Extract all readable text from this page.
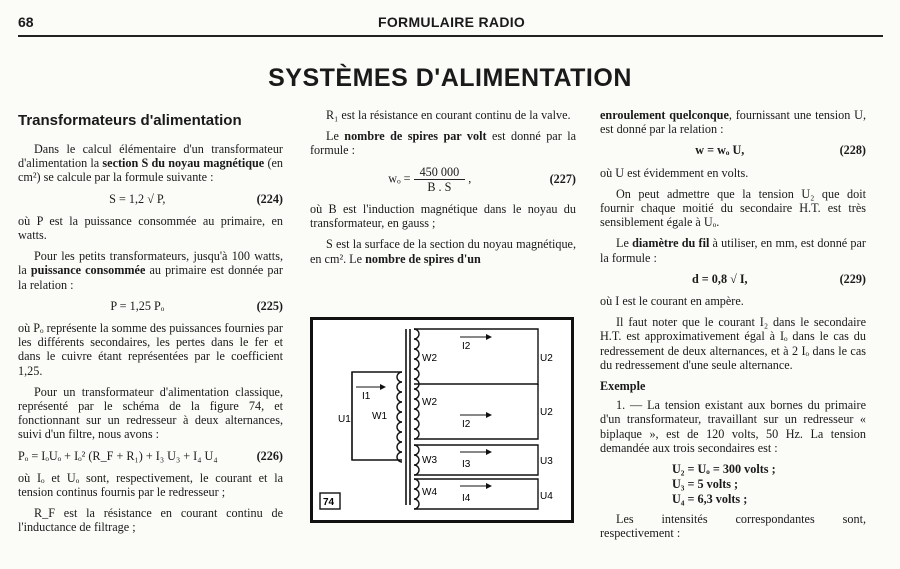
68	FORMULAIRE RADIO
SYSTÈMES D'ALIMENTATION
Transformateurs d'alimentation

Dans le calcul élémentaire d'un transformateur d'alimentation la section S du noyau magnétique (en cm²) se calcule par la formule suivante :

S = 1,2 √ P,	(224)

où P est la puissance consommée au primaire, en watts.

Pour les petits transformateurs, jusqu'à 100 watts, la puissance consommée au primaire est donnée par la relation :

P = 1,25 Pₒ	(225)

où Pₒ représente la somme des puissances fournies par les différents secondaires, les pertes dans le fer et dans le cuivre étant représentées par le coefficient 1,25.

Pour un transformateur d'alimentation classique, représenté par le schéma de la figure 74, et fonctionnant sur un redresseur à deux alternances, suivi d'un filtre, nous avons :

Pₒ = IₒUₒ + Iₒ² (R_F + R₁) + I₃ U₃ + I₄ U₄	(226)

où Iₒ et Uₒ sont, respectivement, le courant et la tension continus fournis par le redresseur ;

R_F est la résistance en courant continu de l'inductance de filtrage ;

R₁ est la résistance en courant continu de la valve.

Le nombre de spires par volt est donné par la formule :

$w_o = \frac{450 000}{B . S}$ ,	(227)

où B est l'induction magnétique dans le noyau du transformateur, en gauss ;

S est la surface de la section du noyau magnétique, en cm². Le nombre de spires d'un

I1
U1 W1
W2
W2
I2
I2
U2
U2
W3	I3	U3
W4
I4	U4
74

enroulement quelconque, fournissant une tension U, est donné par la relation :

w = wₒ U,	(228)

où U est évidemment en volts.

On peut admettre que la tension U₂ que doit fournir chaque moitié du secondaire H.T. est très sensiblement égale à Uₒ.

Le diamètre du fil à utiliser, en mm, est donné par la formule :

d = 0,8 √ I,	(229)

où I est le courant en ampère.

Il faut noter que le courant I₂ dans le secondaire H.T. est approximativement égal à Iₒ dans le cas du redressement de deux alternances, et à 2 Iₒ dans le cas du redressement d'une seule alternance.

Exemple

1. — La tension existant aux bornes du primaire d'un transformateur, travaillant sur un redresseur « biplaque », est de 120 volts, 50 Hz. La tension demandée aux trois secondaires est :

U₂ = Uₒ = 300 volts ;
U₃ = 5 volts ;
U₄ = 6,3 volts ;

Les intensités correspondantes sont, respectivement :
